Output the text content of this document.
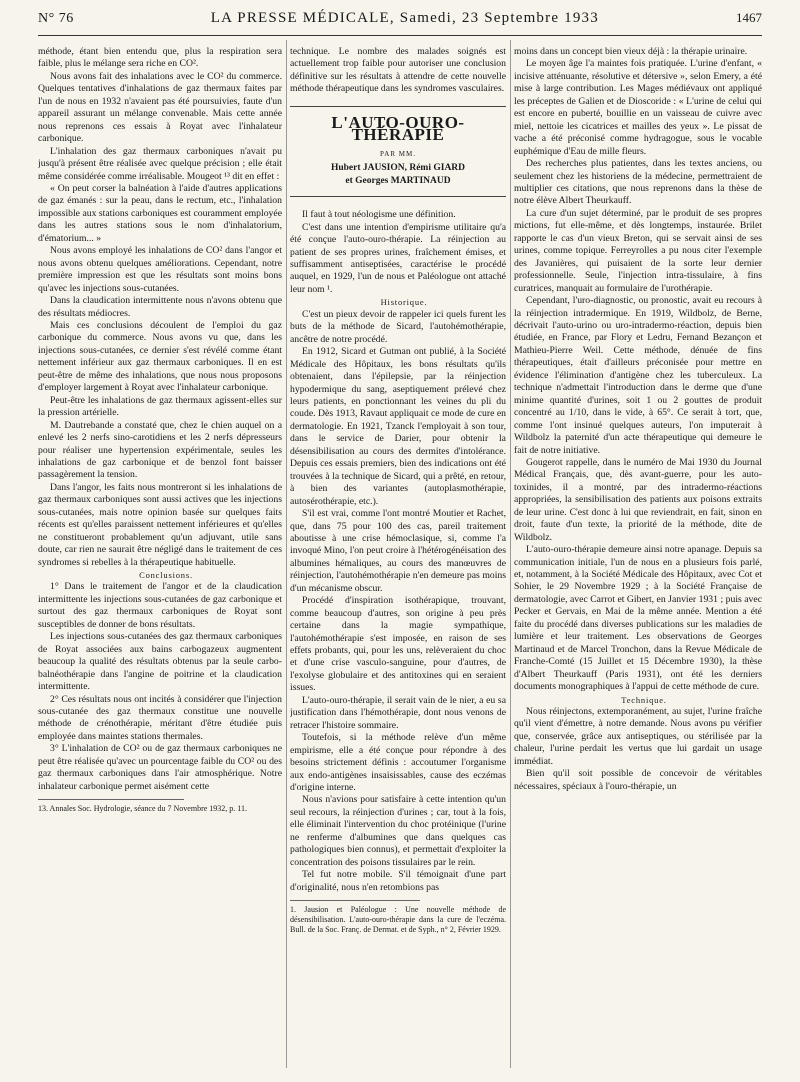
N° 76	LA PRESSE MÉDICALE, Samedi, 23 Septembre 1933	1467

méthode, étant bien entendu que, plus la respiration sera faible, plus le mélange sera riche en CO².

Nous avons fait des inhalations avec le CO² du commerce. Quelques tentatives d'inhalations de gaz thermaux faites par l'un de nous en 1932 n'avaient pas été poursuivies, faute d'un appareil assurant un mélange convenable. Mais cette année nous reprenons ces essais à Royat avec l'inhalateur carbonique.

L'inhalation des gaz thermaux carboniques n'avait pu jusqu'à présent être réalisée avec quelque précision ; elle était même considérée comme irréalisable. Mougeot ¹³ dit en effet :

« On peut corser la balnéation à l'aide d'autres applications de gaz émanés : sur la peau, dans le rectum, etc., l'inhalation impossible aux stations carboniques est couramment employée dans les autres stations sous le nom d'inhalatorium, d'ématorium... »

Nous avons employé les inhalations de CO² dans l'angor et nous avons obtenu quelques améliorations. Cependant, notre première impression est que les résultats sont moins bons qu'avec les injections sous-cutanées.

Dans la claudication intermittente nous n'avons obtenu que des résultats médiocres.

Mais ces conclusions découlent de l'emploi du gaz carbonique du commerce. Nous avons vu que, dans les injections sous-cutanées, ce dernier s'est révélé comme étant nettement inférieur aux gaz thermaux carboniques. Il en est peut-être de même des inhalations, que nous nous proposons d'employer largement à Royat avec l'inhalateur carbonique.

Peut-être les inhalations de gaz thermaux agissent-elles sur la pression artérielle.

M. Dautrebande a constaté que, chez le chien auquel on a enlevé les 2 nerfs sino-carotidiens et les 2 nerfs dépresseurs pour réaliser une hypertension expérimentale, seules les inhalations de gaz carbonique et de benzol font baisser passagèrement la tension.

Dans l'angor, les faits nous montreront si les inhalations de gaz thermaux carboniques sont aussi actives que les injections sous-cutanées, mais notre opinion basée sur quelques faits récents est qu'elles paraissent nettement inférieures et qu'elles ne constitueront probablement qu'un adjuvant, utile sans doute, car rien ne saurait être négligé dans le traitement de ces syndromes si rebelles à la thérapeutique habituelle.

Conclusions.

1° Dans le traitement de l'angor et de la claudication intermittente les injections sous-cutanées de gaz carbonique et surtout des gaz thermaux carboniques de Royat sont susceptibles de donner de bons résultats.

Les injections sous-cutanées des gaz thermaux carboniques de Royat associées aux bains carbogazeux augmentent beaucoup la qualité des résultats obtenus par la seule carbo-balnéothérapie dans l'angine de poitrine et la claudication intermittente.

2° Ces résultats nous ont incités à considérer que l'injection sous-cutanée des gaz thermaux constitue une nouvelle méthode de crénothérapie, méritant d'être étudiée puis employée dans maintes stations thermales.

3° L'inhalation de CO² ou de gaz thermaux carboniques ne peut être réalisée qu'avec un pourcentage faible du CO² ou des gaz thermaux carboniques dans l'air atmosphérique. Notre inhalateur carbonique permet aisément cette

13. Annales Soc. Hydrologie, séance du 7 Novembre 1932, p. 11.

technique. Le nombre des malades soignés est actuellement trop faible pour autoriser une conclusion définitive sur les résultats à attendre de cette nouvelle méthode thérapeutique dans les syndromes vasculaires.

L'AUTO-OURO-THÉRAPIE
PAR MM.
Hubert JAUSION, Rémi GIARD
et Georges MARTINAUD

Il faut à tout néologisme une définition.

C'est dans une intention d'empirisme utilitaire qu'a été conçue l'auto-ouro-thérapie. La réinjection au patient de ses propres urines, fraîchement émises, et suffisamment antiseptisées, caractérise le procédé auquel, en 1929, l'un de nous et Paléologue ont attaché leur nom ¹.

Historique.

C'est un pieux devoir de rappeler ici quels furent les buts de la méthode de Sicard, l'autohémothérapie, ancêtre de notre procédé.

En 1912, Sicard et Gutman ont publié, à la Société Médicale des Hôpitaux, les bons résultats qu'ils obtenaient, dans l'épilepsie, par la réinjection hypodermique du sang, aseptiquement prélevé chez leurs patients, en ponctionnant les veines du pli du coude. Dès 1913, Ravaut appliquait ce mode de cure en dermatologie. En 1921, Tzanck l'employait à son tour, dans le service de Darier, pour obtenir la désensibilisation au cours des dermites d'intolérance. Depuis ces essais premiers, bien des indications ont été trouvées à la technique de Sicard, qui a prêté, en retour, à bien des variantes (autoplasmothérapie, autosérothérapie, etc.).

S'il est vrai, comme l'ont montré Moutier et Rachet, que, dans 75 pour 100 des cas, pareil traitement aboutisse à une crise hémoclasique, si, comme l'a invoqué Mino, l'on peut croire à l'hétérogénéisation des albumines hémaliques, au cours des manœuvres de réinjection, l'autohémothérapie n'en demeure pas moins d'un mécanisme obscur.

Procédé d'inspiration isothérapique, trouvant, comme beaucoup d'autres, son origine à peu près certaine dans la magie sympathique, l'autohémothérapie s'est imposée, en raison de ses effets probants, qui, pour les uns, relèveraient du choc et d'une crise vasculo-sanguine, pour d'autres, de l'exolyse globulaire et des antitoxines qui en seraient issues.

L'auto-ouro-thérapie, il serait vain de le nier, a eu sa justification dans l'hémothérapie, dont nous venons de retracer l'histoire sommaire.

Toutefois, si la méthode relève d'un même empirisme, elle a été conçue pour répondre à des besoins strictement définis : accoutumer l'organisme aux endo-antigènes insaisissables, cause des eczémas d'origine interne.

Nous n'avions pour satisfaire à cette intention qu'un seul recours, la réinjection d'urines ; car, tout à la fois, elle éliminait l'intervention du choc protéinique (l'urine ne renferme d'albumines que dans quelques cas pathologiques bien connus), et permettait d'exploiter la concentration des poisons tissulaires par le rein.

Tel fut notre mobile. S'il témoignait d'une part d'originalité, nous n'en retombions pas

1. Jausion et Paléologue : Une nouvelle méthode de désensibilisation. L'auto-ouro-thérapie dans la cure de l'eczéma. Bull. de la Soc. Franç. de Dermat. et de Syph., n° 2, Février 1929.

moins dans un concept bien vieux déjà : la thérapie urinaire.

Le moyen âge l'a maintes fois pratiquée. L'urine d'enfant, « incisive atténuante, résolutive et détersive », selon Emery, a été mise à large contribution. Les Mages médiévaux ont appliqué les préceptes de Galien et de Dioscoride : « L'urine de celui qui est encore en puberté, bouillie en un vaisseau de cuivre avec miel, nettoie les cicatrices et mailles des yeux ». Le pissat de vache a été préconisé comme hydragogue, sous le vocable euphémique d'Eau de mille fleurs.

Des recherches plus patientes, dans les textes anciens, ou seulement chez les historiens de la médecine, permettraient de multiplier ces citations, que nous reprenons dans la thèse de notre élève Albert Theurkauff.

La cure d'un sujet déterminé, par le produit de ses propres mictions, fut elle-même, et dès longtemps, instaurée. Brilet rapporte le cas d'un vieux Breton, qui se servait ainsi de ses urines, comme topique. Ferreyrolles a pu nous citer l'exemple des Javanières, qui puisaient de la sorte leur dernier professionnelle. Seule, l'injection intra-tissulaire, à fins curatrices, manquait au formulaire de l'urothérapie.

Cependant, l'uro-diagnostic, ou pronostic, avait eu recours à la réinjection intradermique. En 1919, Wildbolz, de Berne, décrivait l'auto-urino ou uro-intradermo-réaction, depuis bien étudiée, en France, par Flory et Ledru, Fernand Bezançon et Mathieu-Pierre Weil. Cette méthode, dénuée de fins thérapeutiques, était d'ailleurs préconisée pour mettre en évidence l'élimination d'antigène chez les tuberculeux. La technique n'admettait l'introduction dans le derme que d'une minime quantité d'urines, soit 1 ou 2 gouttes de produit concentré au 1/10, dans le vide, à 65°. Ce serait à tort, que, comme l'ont insinué quelques auteurs, l'on imputerait à Wildbolz la paternité d'un acte thérapeutique qui demeure le fait de notre initiative.

Gougerot rappelle, dans le numéro de Mai 1930 du Journal Médical Français, que, dès avant-guerre, pour les auto-toxinides, il a montré, par des intradermo-réactions appropriées, la sensibilisation des patients aux poisons extraits de leur urine. C'est donc à lui que reviendrait, en fait, sinon en droit, faute d'un texte, la priorité de la méthode, dite de Wildbolz.

L'auto-ouro-thérapie demeure ainsi notre apanage. Depuis sa communication initiale, l'un de nous en a plusieurs fois parlé, et, notamment, à la Société Médicale des Hôpitaux, avec Cot et Sohier, le 29 Novembre 1929 ; à la Société Française de dermatologie, avec Carrot et Gibert, en Janvier 1931 ; puis avec Pecker et Gervais, en Mai de la même année. Mention a été faite du procédé dans diverses publications sur les maladies de lumière et leur traitement. Les observations de Georges Martinaud et de Marcel Tronchon, dans la Revue Médicale de Franche-Comté (15 Juillet et 15 Décembre 1930), la thèse d'Albert Theurkauff (Paris 1931), ont été les derniers documents monographiques à l'appui de cette méthode de cure.

Technique.

Nous réinjectons, extemporanément, au sujet, l'urine fraîche qu'il vient d'émettre, à notre demande. Nous avons pu vérifier que, conservée, grâce aux antiseptiques, ou stérilisée par la chaleur, l'urine perdait les vertus que lui gardait un usage immédiat.

Bien qu'il soit possible de concevoir de véritables nécessaires, spéciaux à l'ouro-thérapie, un
